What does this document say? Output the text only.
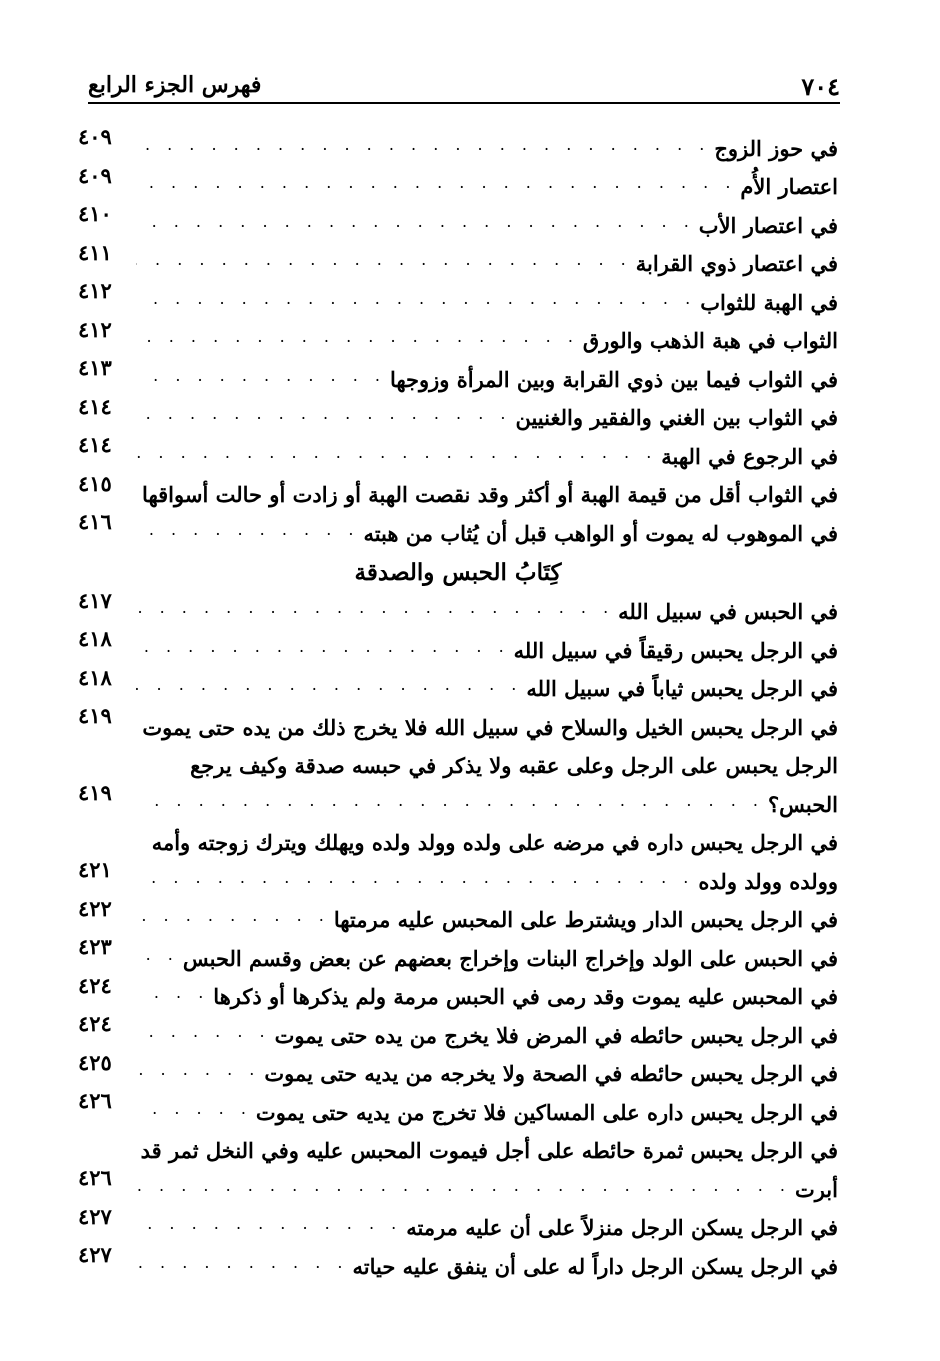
٧٠٤
فهرس الجزء الرابع
في حوز الزوج
. . .
٤٠٩
اعتصار الأُم
. . .
٤٠٩
في اعتصار الأب
. . .
٤١٠
في اعتصار ذوي القرابة
. . .
٤١١
في الهبة للثواب
. . .
٤١٢
الثواب في هبة الذهب والورق
. . .
٤١٢
في الثواب فيما بين ذوي القرابة وبين المرأة وزوجها
. . .
٤١٣
في الثواب بين الغني والفقير والغنيين
. . .
٤١٤
في الرجوع في الهبة
. . .
٤١٤
في الثواب أقل من قيمة الهبة أو أكثر وقد نقصت الهبة أو زادت أو حالت أسواقها
. . .
٤١٥
في الموهوب له يموت أو الواهب قبل أن يُثاب من هبته
. . .
٤١٦
كِتَابُ الحبس والصدقة
في الحبس في سبيل الله
. . .
٤١٧
في الرجل يحبس رقيقاً في سبيل الله
. . .
٤١٨
في الرجل يحبس ثياباً في سبيل الله
. . .
٤١٨
في الرجل يحبس الخيل والسلاح في سبيل الله فلا يخرج ذلك من يده حتى يموت
٤١٩
الرجل يحبس على الرجل وعلى عقبه ولا يذكر في حبسه صدقة وكيف يرجع
الحبس؟
. . .
٤١٩
في الرجل يحبس داره في مرضه على ولده وولد ولده ويهلك ويترك زوجته وأمه
وولده وولد ولده
. . .
٤٢١
في الرجل يحبس الدار ويشترط على المحبس عليه مرمتها
. . .
٤٢٢
في الحبس على الولد وإخراج البنات وإخراج بعضهم عن بعض وقسم الحبس
. . .
٤٢٣
في المحبس عليه يموت وقد رمى في الحبس مرمة ولم يذكرها أو ذكرها
. . .
٤٢٤
في الرجل يحبس حائطه في المرض فلا يخرج من يده حتى يموت
. . .
٤٢٤
في الرجل يحبس حائطه في الصحة ولا يخرجه من يديه حتى يموت
. . .
٤٢٥
في الرجل يحبس داره على المساكين فلا تخرج من يديه حتى يموت
. . .
٤٢٦
في الرجل يحبس ثمرة حائطه على أجل فيموت المحبس عليه وفي النخل ثمر قد
أبرت
. . .
٤٢٦
في الرجل يسكن الرجل منزلاً على أن عليه مرمته
. . .
٤٢٧
في الرجل يسكن الرجل داراً له على أن ينفق عليه حياته
. . .
٤٢٧
